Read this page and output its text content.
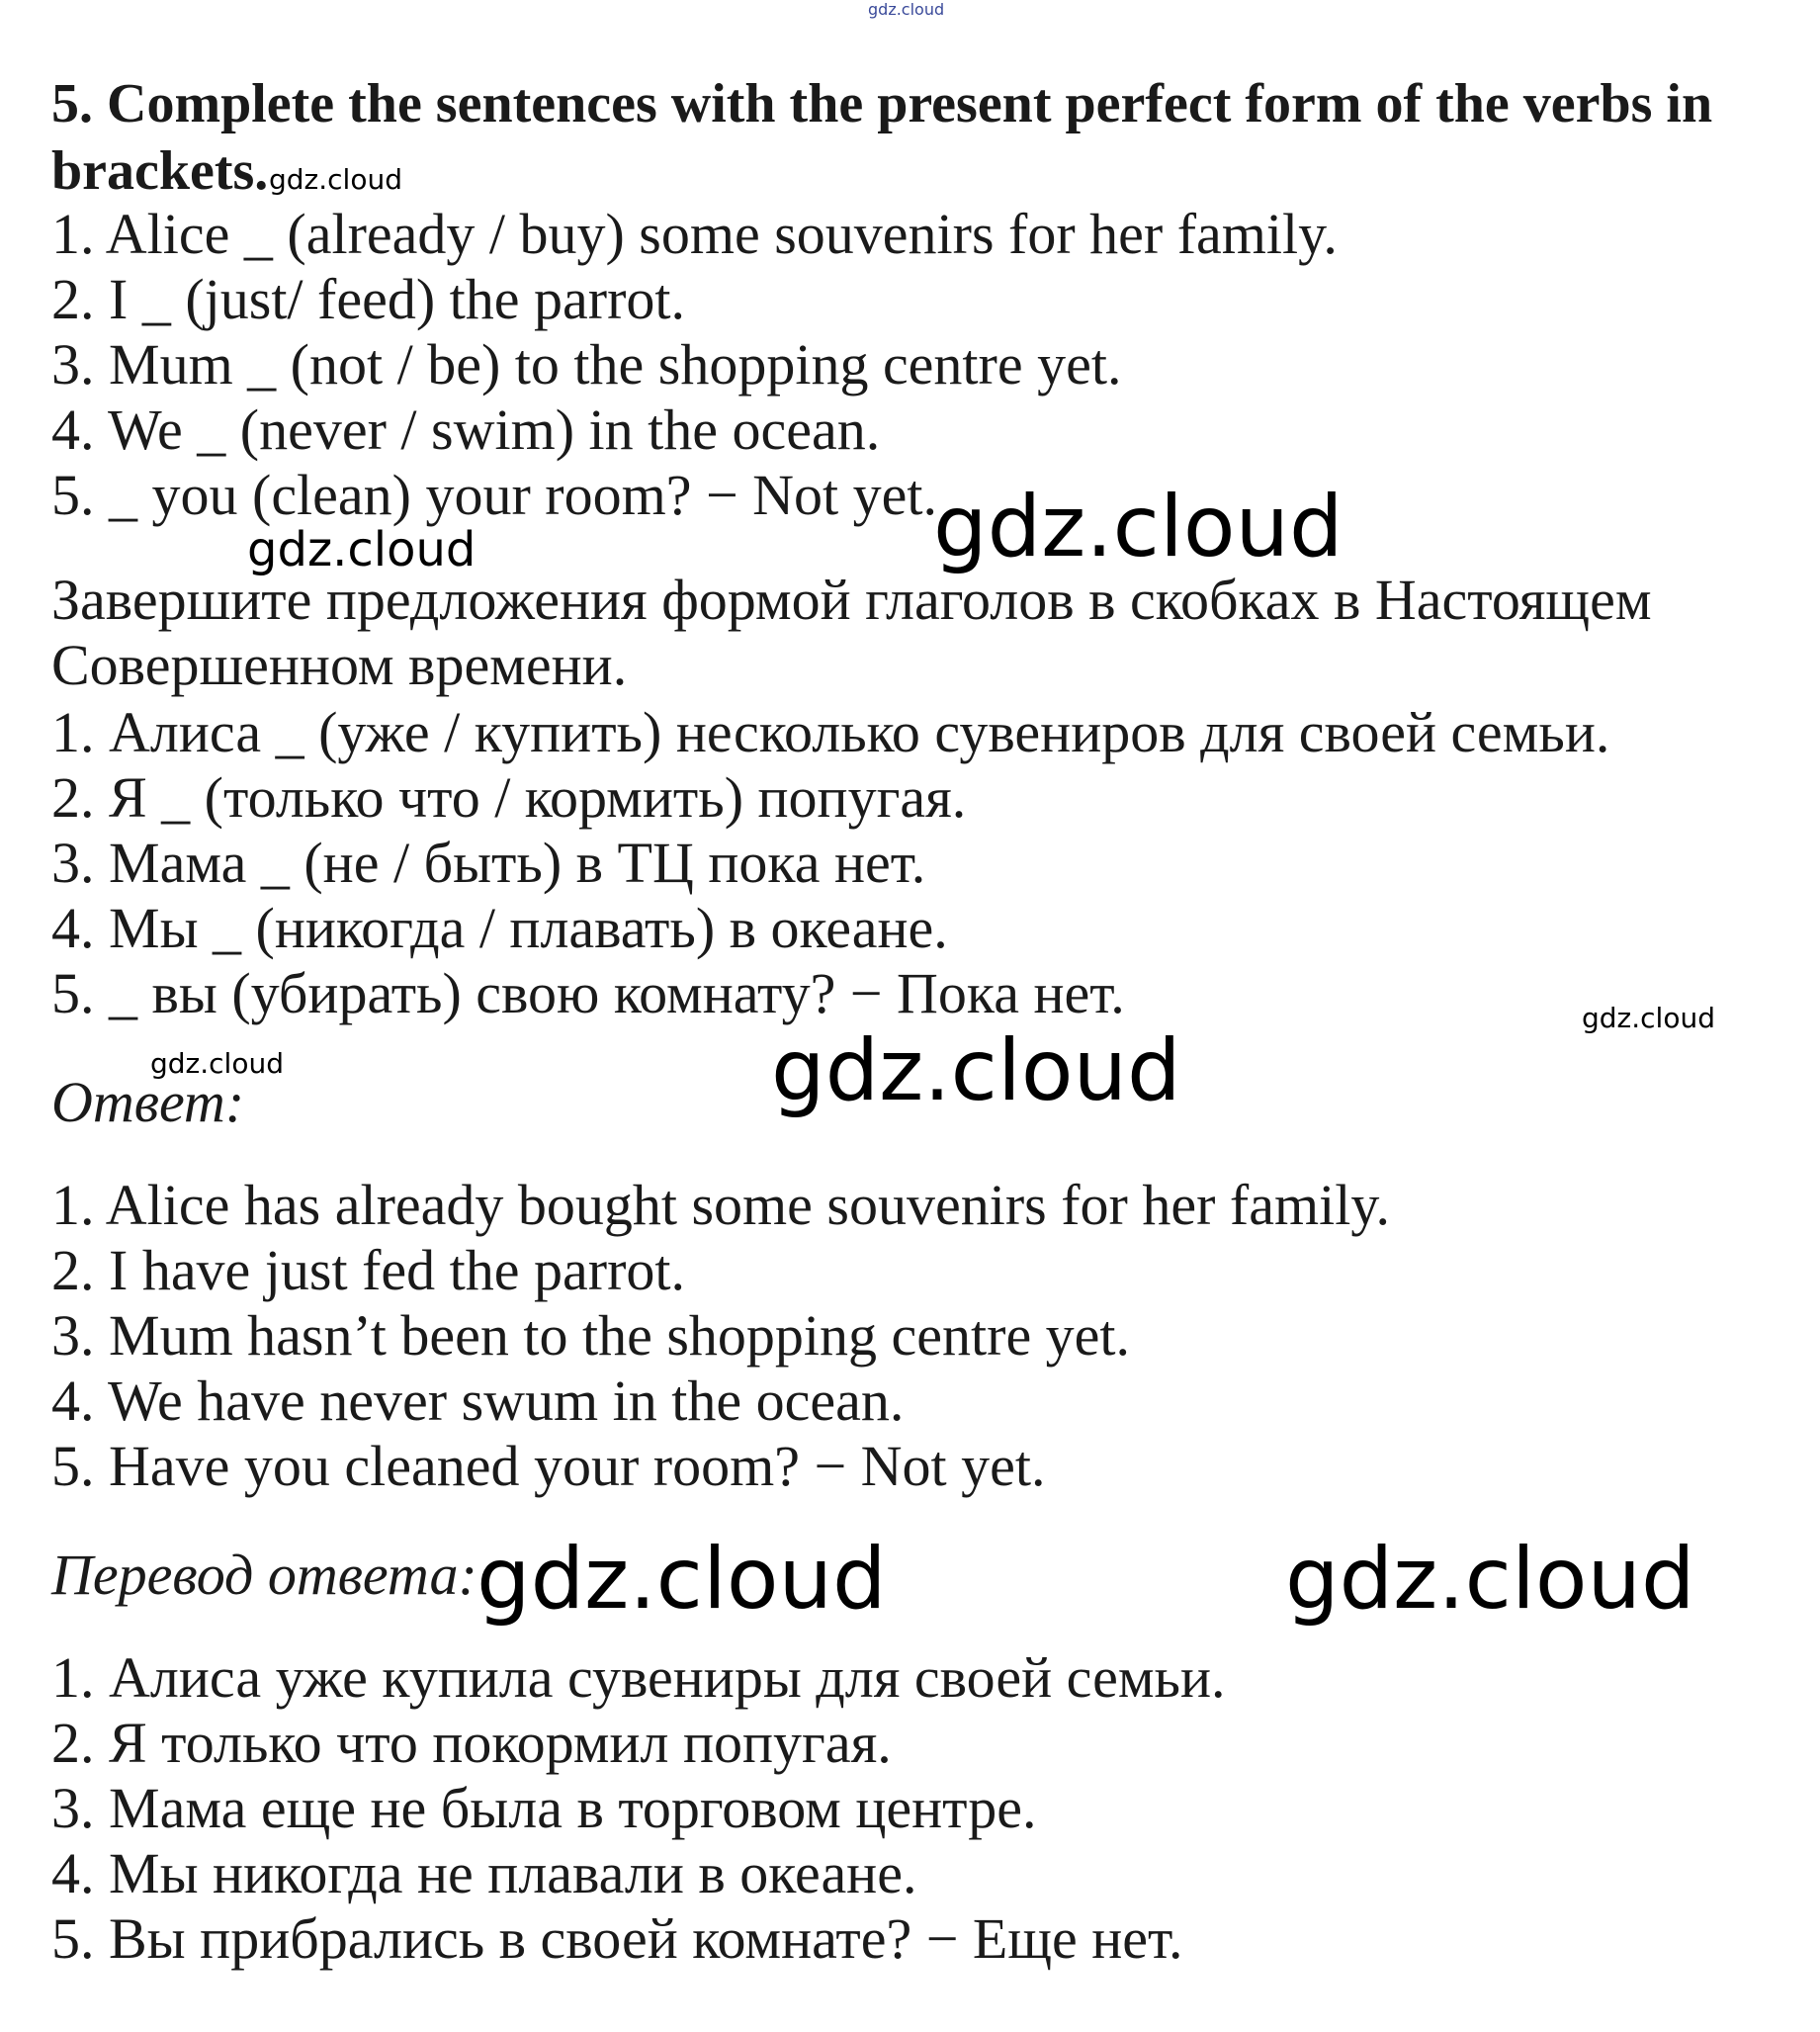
gdz.cloud
gdz.cloud
gdz.cloud
gdz.cloud
gdz.cloud
gdz.cloud	gdz.cloud
gdz.cloud	gdz.cloud
5. Complete the sentences with the present perfect form of the verbs in
brackets.
1. Alice _ (already / buy) some souvenirs for her family.
2. I _ (just/ feed) the parrot.
3. Mum _ (not / be) to the shopping centre yet.
4. We _ (never / swim) in the ocean.
5. _ you (clean) your room? − Not yet.
Завершите предложения формой глаголов в скобках в Настоящем
Совершенном времени.
1. Алиса _ (уже / купить) несколько сувениров для своей семьи.
2. Я _ (только что / кормить) попугая.
3. Мама _ (не / быть) в ТЦ пока нет.
4. Мы _ (никогда / плавать) в океане.
5. _ вы (убирать) свою комнату? − Пока нет.
Ответ:
1. Alice has already bought some souvenirs for her family.
2. I have just fed the parrot.
3. Mum hasn’t been to the shopping centre yet.
4. We have never swum in the ocean.
5. Have you cleaned your room? − Not yet.
Перевод ответа:
1. Алиса уже купила сувениры для своей семьи.
2. Я только что покормил попугая.
3. Мама еще не была в торговом центре.
4. Мы никогда не плавали в океане.
5. Вы прибрались в своей комнате? − Еще нет.
